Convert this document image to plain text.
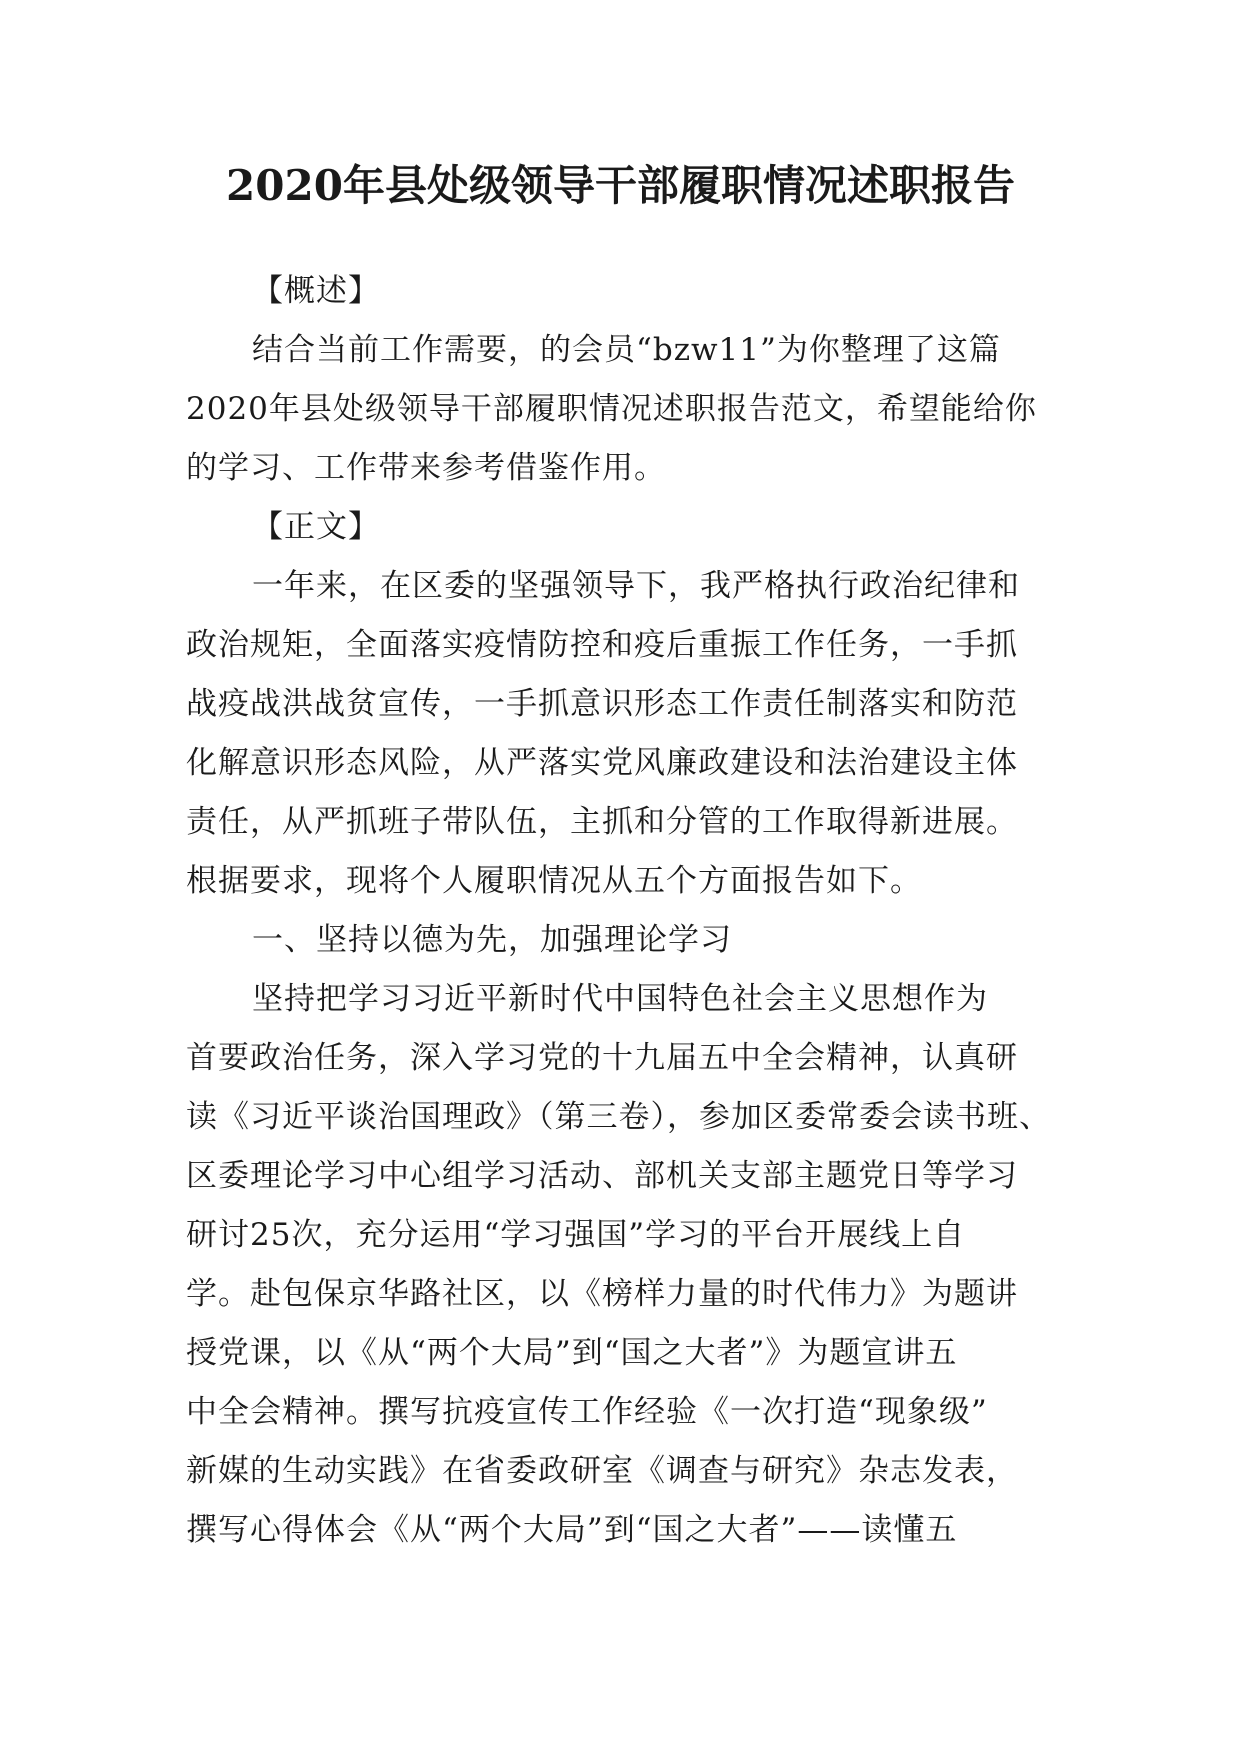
2020年县处级领导干部履职情况述职报告
【概述】
结合当前工作需要，的会员“bzw11”为你整理了这篇
2020年县处级领导干部履职情况述职报告范文，希望能给你
的学习、工作带来参考借鉴作用。
【正文】
一年来，在区委的坚强领导下，我严格执行政治纪律和
政治规矩，全面落实疫情防控和疫后重振工作任务，一手抓
战疫战洪战贫宣传，一手抓意识形态工作责任制落实和防范
化解意识形态风险，从严落实党风廉政建设和法治建设主体
责任，从严抓班子带队伍，主抓和分管的工作取得新进展。
根据要求，现将个人履职情况从五个方面报告如下。
一、坚持以德为先，加强理论学习
坚持把学习习近平新时代中国特色社会主义思想作为
首要政治任务，深入学习党的十九届五中全会精神，认真研
读《习近平谈治国理政》（第三卷），参加区委常委会读书班、
区委理论学习中心组学习活动、部机关支部主题党日等学习
研讨25次，充分运用“学习强国”学习的平台开展线上自
学。赴包保京华路社区，以《榜样力量的时代伟力》为题讲
授党课，以《从“两个大局”到“国之大者”》为题宣讲五
中全会精神。撰写抗疫宣传工作经验《一次打造“现象级”
新媒的生动实践》在省委政研室《调查与研究》杂志发表，
撰写心得体会《从“两个大局”到“国之大者”——读懂五
